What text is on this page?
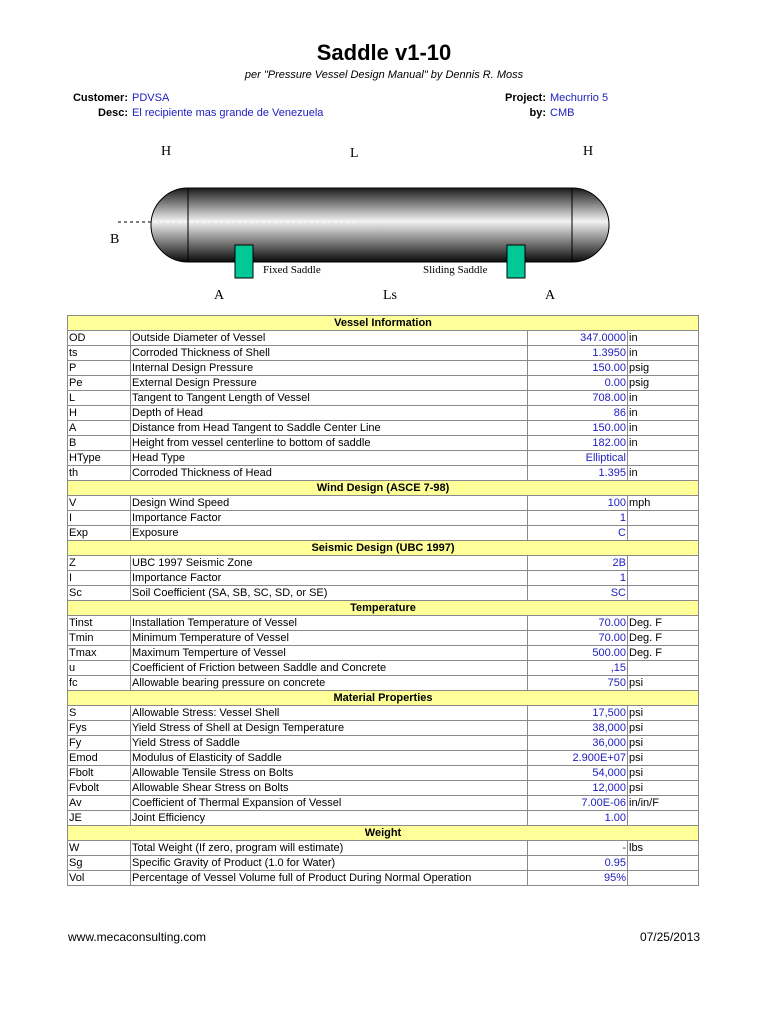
Saddle v1-10
per "Pressure Vessel Design Manual" by Dennis R. Moss
Customer: PDVSA
Desc: El recipiente mas grande de Venezuela
Project: Mechurrio 5
by: CMB
H	L	H
B
Fixed Saddle	Sliding Saddle
A	Ls	A
Vessel Information			
OD	Outside Diameter of Vessel	347.0000	in
ts	Corroded Thickness of Shell	1.3950	in
P	Internal Design Pressure	150.00	psig
Pe	External Design Pressure	0.00	psig
L	Tangent to Tangent Length of Vessel	708.00	in
H	Depth of Head	86	in
A	Distance from Head Tangent to Saddle Center Line	150.00	in
B	Height from vessel centerline to bottom of saddle	182.00	in
HType	Head Type	Elliptical	
th	Corroded Thickness of Head	1.395	in
Wind Design (ASCE 7-98)			
V	Design Wind Speed	100	mph
I	Importance Factor	1	
Exp	Exposure	C	
Seismic Design (UBC 1997)			
Z	UBC 1997 Seismic Zone	2B	
I	Importance Factor	1	
Sc	Soil Coefficient (SA, SB, SC, SD, or SE)	SC	
Temperature			
Tinst	Installation Temperature of Vessel	70.00	Deg. F
Tmin	Minimum Temperature of Vessel	70.00	Deg. F
Tmax	Maximum Temperture of Vessel	500.00	Deg. F
u	Coefficient of Friction between Saddle and Concrete	,15	
fc	Allowable bearing pressure on concrete	750	psi
Material Properties			
S	Allowable Stress: Vessel Shell	17,500	psi
Fys	Yield Stress of Shell at Design Temperature	38,000	psi
Fy	Yield Stress of Saddle	36,000	psi
Emod	Modulus of Elasticity of Saddle	2.900E+07	psi
Fbolt	Allowable Tensile Stress on Bolts	54,000	psi
Fvbolt	Allowable Shear Stress on Bolts	12,000	psi
Av	Coefficient of Thermal Expansion of Vessel	7.00E-06	in/in/F
JE	Joint Efficiency	1.00	
Weight			
W	Total Weight (If zero, program will estimate)	-	lbs
Sg	Specific Gravity of Product (1.0 for Water)	0.95	
Vol	Percentage of Vessel Volume full of Product During Normal Operation	95%	
www.mecaconsulting.com	07/25/2013
